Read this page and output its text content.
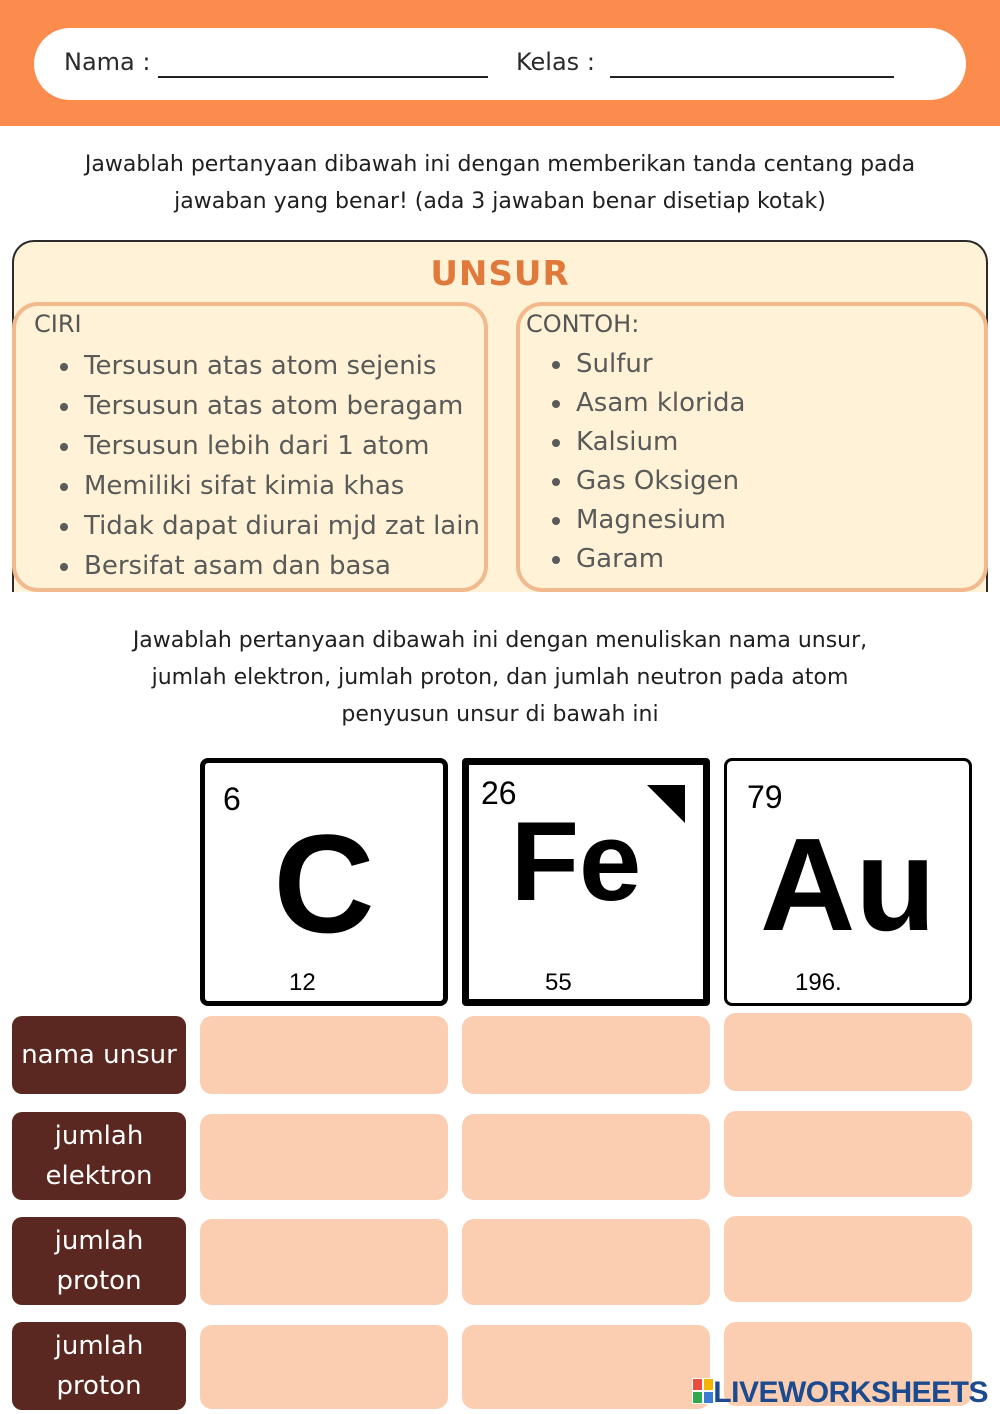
Nama :	Kelas :
Jawablah pertanyaan dibawah ini dengan memberikan tanda centang pada
jawaban yang benar! (ada 3 jawaban benar disetiap kotak)
UNSUR
CIRI
Tersusun atas atom sejenis
Tersusun atas atom beragam
Tersusun lebih dari 1 atom
Memiliki sifat kimia khas
Tidak dapat diurai mjd zat lain
Bersifat asam dan basa
CONTOH:
Sulfur
Asam klorida
Kalsium
Gas Oksigen
Magnesium
Garam
Jawablah pertanyaan dibawah ini dengan menuliskan nama unsur,
jumlah elektron, jumlah proton, dan jumlah neutron pada atom
penyusun unsur di bawah ini
6
C
12
26
Fe
55
79
Au
196.
nama unsur
jumlah
elektron
jumlah
proton
jumlah
proton	LIVEWORKSHEETS
